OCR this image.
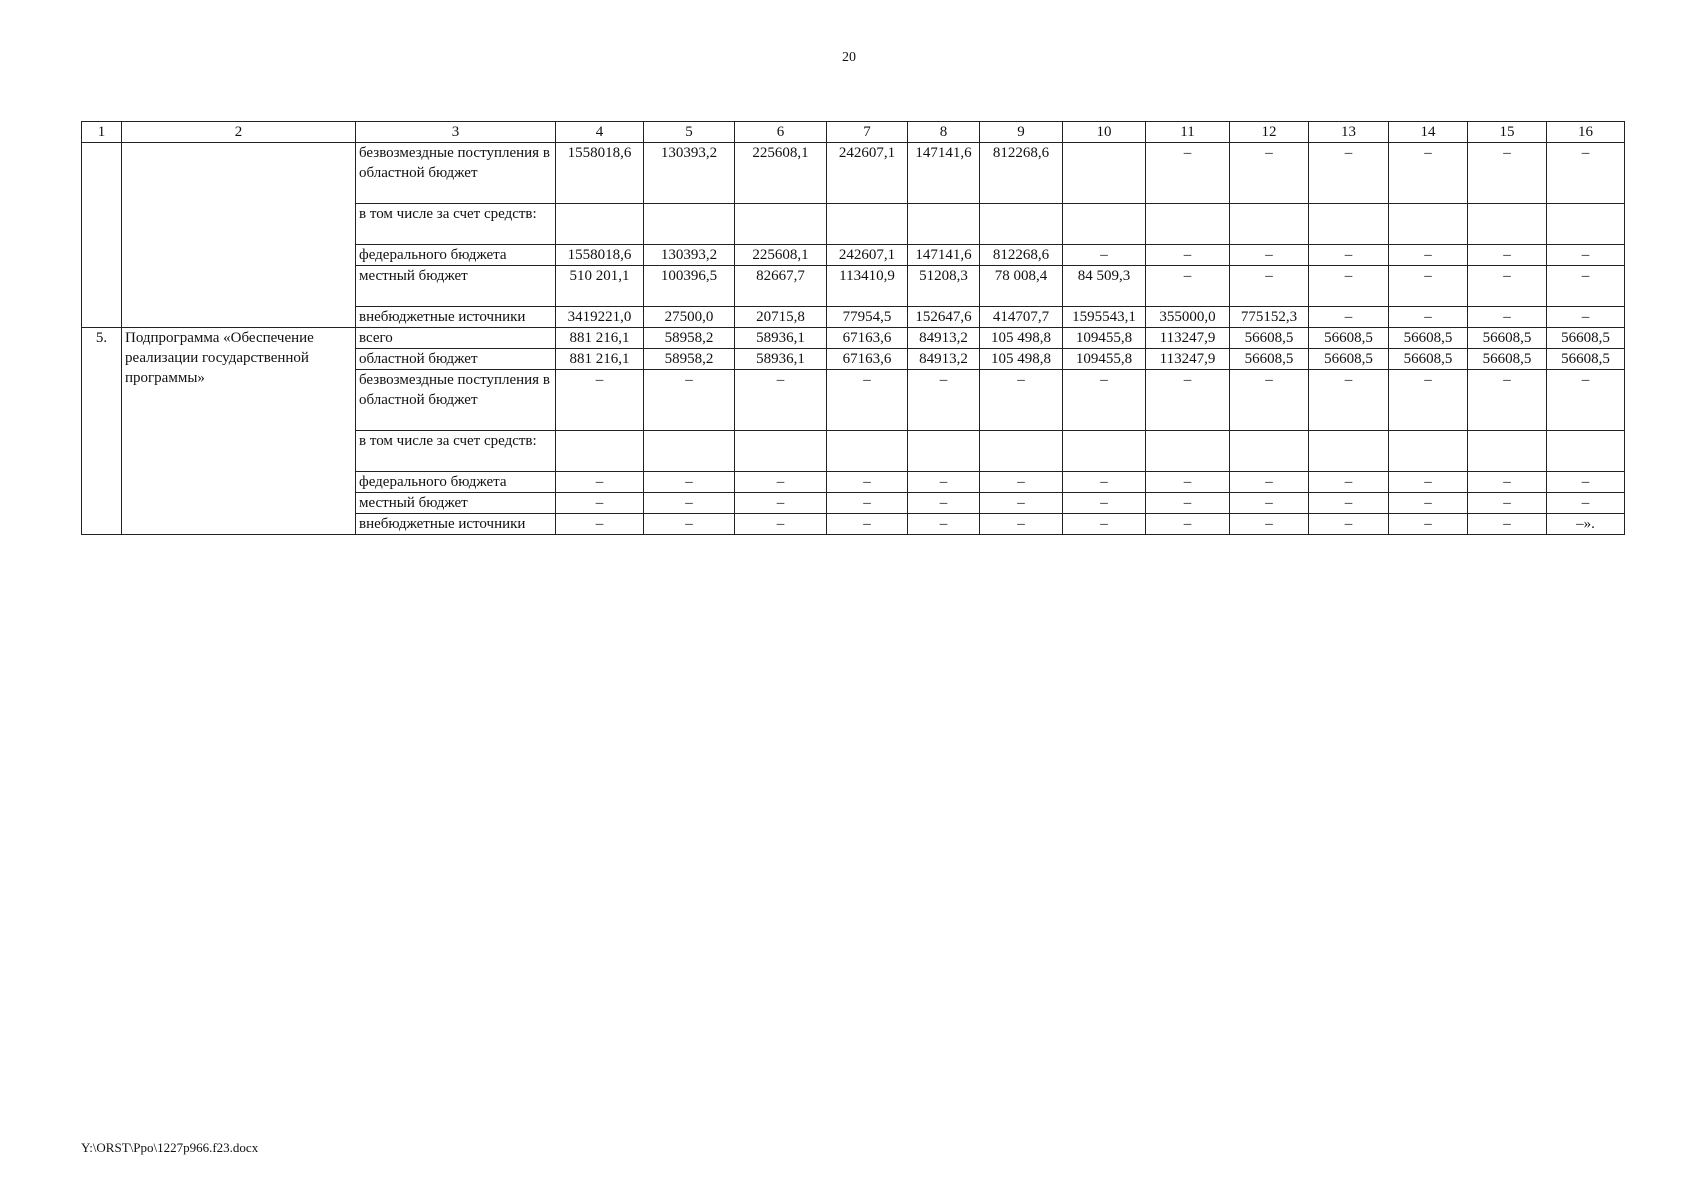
20
1	2	3	4	5	6	7	8	9	10	11	12	13	14	15	16
		безвозмездные поступления в областной бюджет	1558018,6	130393,2	225608,1	242607,1	147141,6	812268,6		–	–	–	–	–	–
		в том числе за счет средств:													
		федерального бюджета	1558018,6	130393,2	225608,1	242607,1	147141,6	812268,6	–	–	–	–	–	–	–
		местный бюджет	510 201,1	100396,5	82667,7	113410,9	51208,3	78 008,4	84 509,3	–	–	–	–	–	–
		внебюджетные источники	3419221,0	27500,0	20715,8	77954,5	152647,6	414707,7	1595543,1	355000,0	775152,3	–	–	–	–
5.	Подпрограмма «Обеспечение реализации государственной программы»	всего	881 216,1	58958,2	58936,1	67163,6	84913,2	105 498,8	109455,8	113247,9	56608,5	56608,5	56608,5	56608,5	56608,5
		областной бюджет	881 216,1	58958,2	58936,1	67163,6	84913,2	105 498,8	109455,8	113247,9	56608,5	56608,5	56608,5	56608,5	56608,5
		безвозмездные поступления в областной бюджет	–	–	–	–	–	–	–	–	–	–	–	–	–
		в том числе за счет средств:													
		федерального бюджета	–	–	–	–	–	–	–	–	–	–	–	–	–
		местный бюджет	–	–	–	–	–	–	–	–	–	–	–	–	–
		внебюджетные источники	–	–	–	–	–	–	–	–	–	–	–	–	–».
Y:\ORST\Ppo\1227p966.f23.docx
